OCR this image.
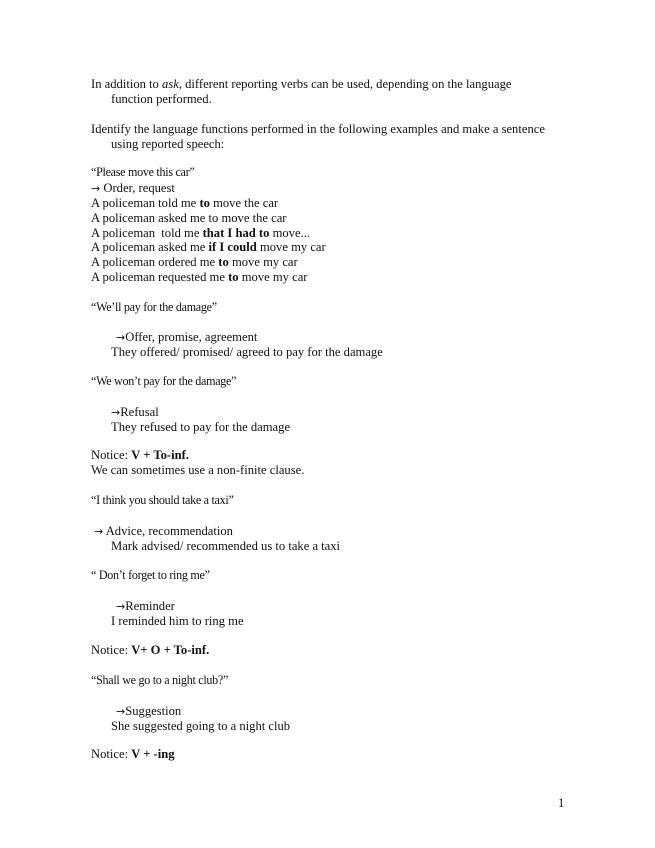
In addition to ask, different reporting verbs can be used, depending on the language
function performed.
Identify the language functions performed in the following examples and make a sentence
using reported speech:
“Please move this car”
→ Order, request
A policeman told me to move the car
A policeman asked me to move the car
A policeman  told me that I had to move...
A policeman asked me if I could move my car
A policeman ordered me to move my car
A policeman requested me to move my car
“We’ll pay for the damage”
→Offer, promise, agreement
They offered/ promised/ agreed to pay for the damage
“We won’t pay for the damage”
→Refusal
They refused to pay for the damage
Notice: V + To-inf.
We can sometimes use a non-finite clause.
“I think you should take a taxi”
→ Advice, recommendation
Mark advised/ recommended us to take a taxi
“ Don’t forget to ring me”
→Reminder
I reminded him to ring me
Notice: V+ O + To-inf.
“Shall we go to a night club?”
→Suggestion
She suggested going to a night club
Notice: V + -ing
1
